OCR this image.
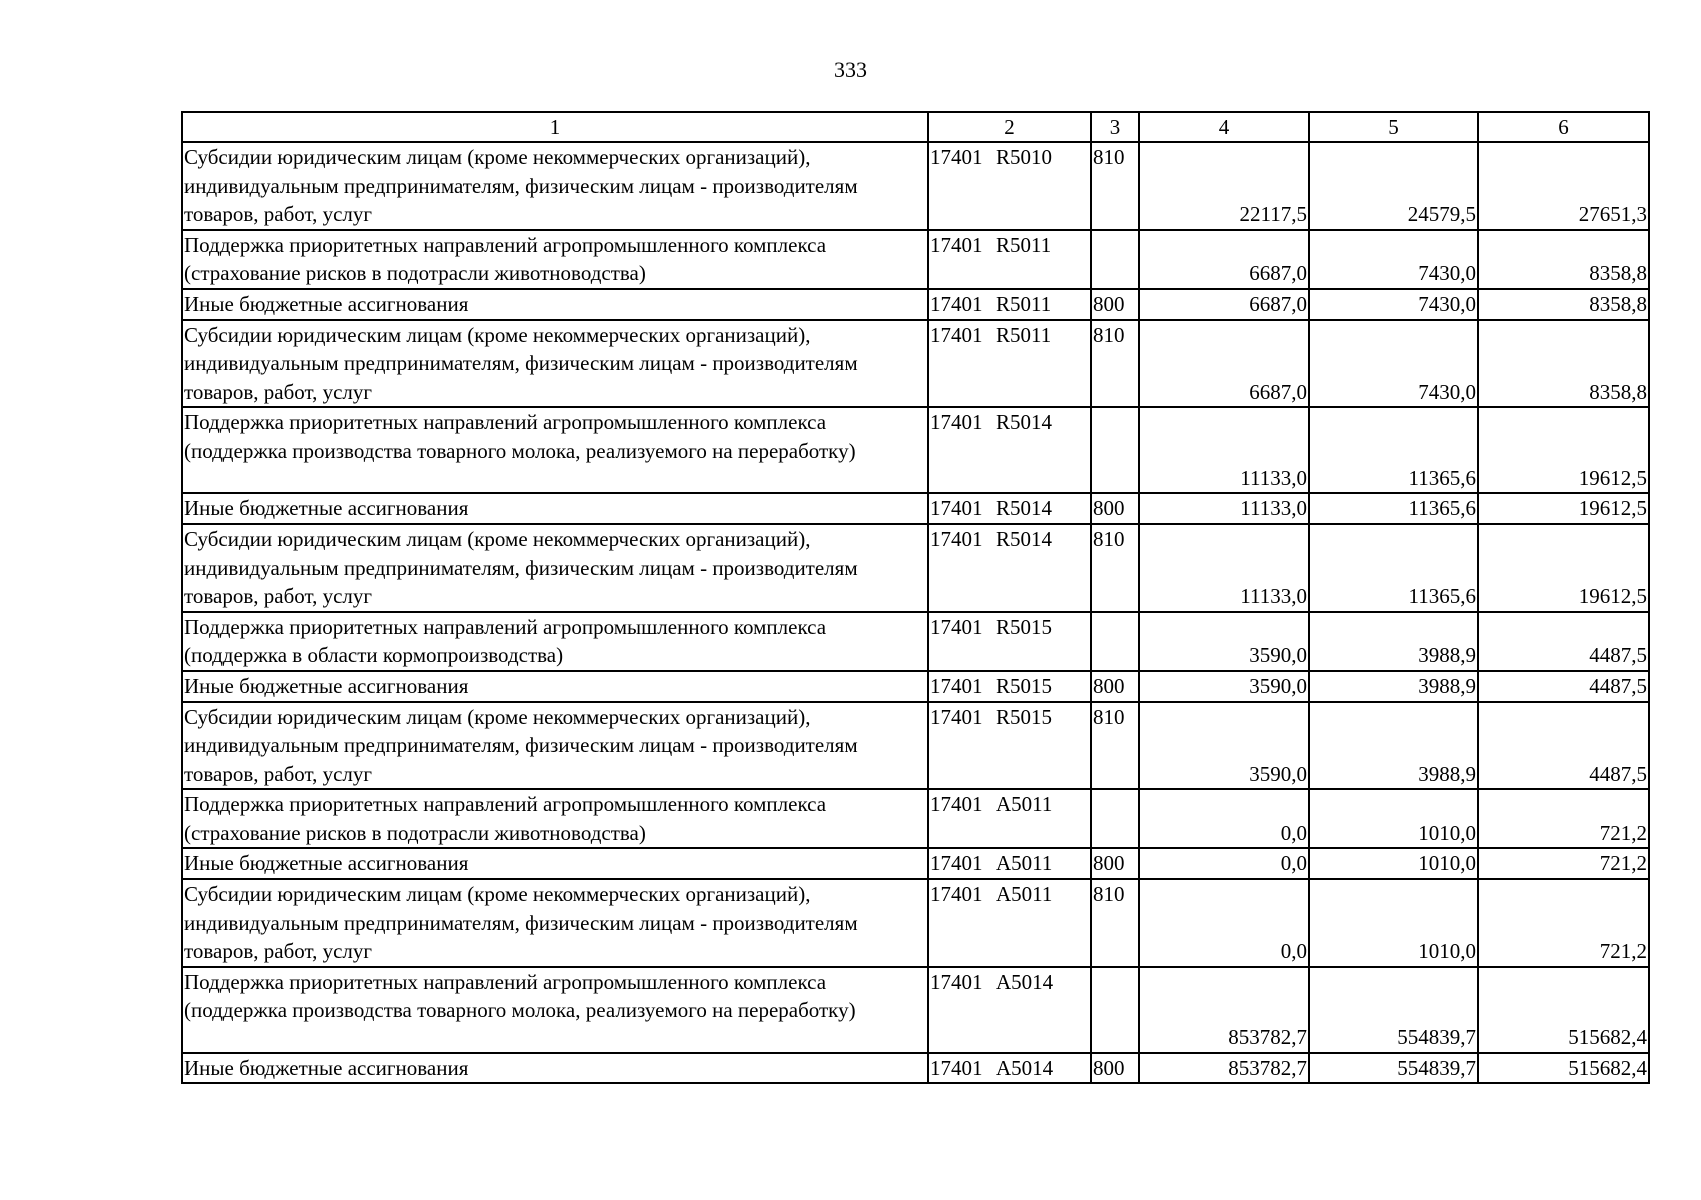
333
1	2	3	4	5	6
Субсидии юридическим лицам (кроме некоммерческих организаций), индивидуальным предпринимателям, физическим лицам - производителям товаров, работ, услуг	17401 R5010	810	22117,5	24579,5	27651,3
Поддержка приоритетных направлений агропромышленного комплекса (страхование рисков в подотрасли животноводства)	17401 R5011		6687,0	7430,0	8358,8
Иные бюджетные ассигнования	17401 R5011	800	6687,0	7430,0	8358,8
Субсидии юридическим лицам (кроме некоммерческих организаций), индивидуальным предпринимателям, физическим лицам - производителям товаров, работ, услуг	17401 R5011	810	6687,0	7430,0	8358,8
Поддержка приоритетных направлений агропромышленного комплекса (поддержка производства товарного молока, реализуемого на переработку)	17401 R5014		11133,0	11365,6	19612,5
Иные бюджетные ассигнования	17401 R5014	800	11133,0	11365,6	19612,5
Субсидии юридическим лицам (кроме некоммерческих организаций), индивидуальным предпринимателям, физическим лицам - производителям товаров, работ, услуг	17401 R5014	810	11133,0	11365,6	19612,5
Поддержка приоритетных направлений агропромышленного комплекса (поддержка в области кормопроизводства)	17401 R5015		3590,0	3988,9	4487,5
Иные бюджетные ассигнования	17401 R5015	800	3590,0	3988,9	4487,5
Субсидии юридическим лицам (кроме некоммерческих организаций), индивидуальным предпринимателям, физическим лицам - производителям товаров, работ, услуг	17401 R5015	810	3590,0	3988,9	4487,5
Поддержка приоритетных направлений агропромышленного комплекса (страхование рисков в подотрасли животноводства)	17401 A5011		0,0	1010,0	721,2
Иные бюджетные ассигнования	17401 A5011	800	0,0	1010,0	721,2
Субсидии юридическим лицам (кроме некоммерческих организаций), индивидуальным предпринимателям, физическим лицам - производителям товаров, работ, услуг	17401 A5011	810	0,0	1010,0	721,2
Поддержка приоритетных направлений агропромышленного комплекса (поддержка производства товарного молока, реализуемого на переработку)	17401 A5014		853782,7	554839,7	515682,4
Иные бюджетные ассигнования	17401 A5014	800	853782,7	554839,7	515682,4
